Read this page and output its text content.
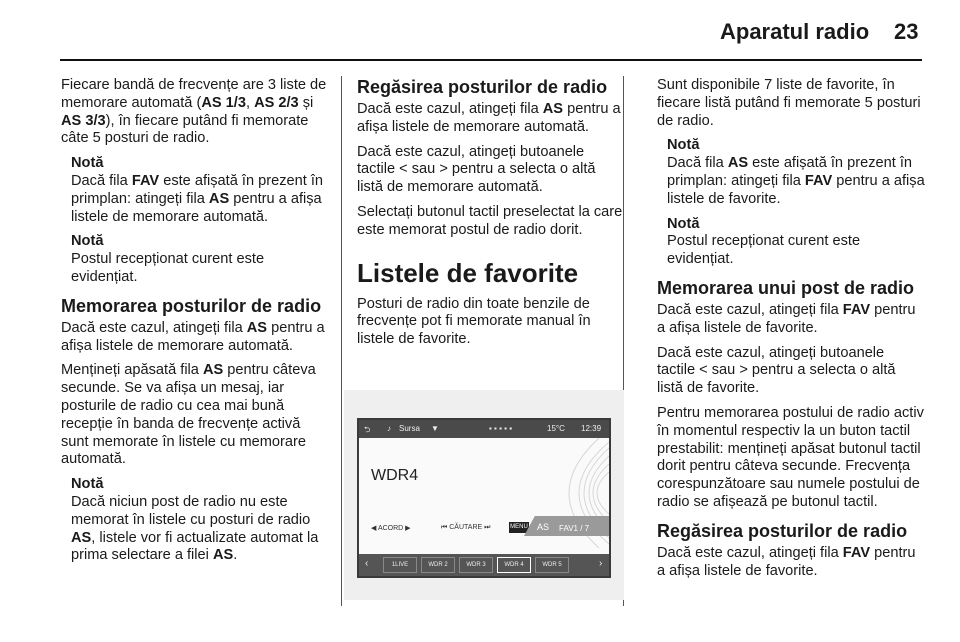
Aparatul radio 23

Fiecare bandă de frecvențe are 3 liste de memorare automată (AS 1/3, AS 2/3 și AS 3/3), în fiecare putând fi memorate câte 5 posturi de radio.

Notă
Dacă fila FAV este afișată în prezent în primplan: atingeți fila AS pentru a afișa listele de memorare automată.
Notă
Postul recepționat curent este evidențiat.
Memorarea posturilor de radio

Dacă este cazul, atingeți fila AS pentru a afișa listele de memorare automată.

Mențineți apăsată fila AS pentru câteva secunde. Se va afișa un mesaj, iar posturile de radio cu cea mai bună recepție în banda de frecvențe activă sunt memorate în listele cu memorare automată.

Notă
Dacă niciun post de radio nu este memorat în listele cu posturi de radio AS, listele vor fi actualizate automat la prima selectare a filei AS.
Regăsirea posturilor de radio

Dacă este cazul, atingeți fila AS pentru a afișa listele de memorare automată.

Dacă este cazul, atingeți butoanele tactile < sau > pentru a selecta o altă listă de memorare automată.

Selectați butonul tactil preselectat la care este memorat postul de radio dorit.

Listele de favorite

Posturi de radio din toate benzile de frecvențe pot fi memorate manual în listele de favorite.

⮌ ♪ Sursa ▼	▪ ▪ ▪ ▪ ▪	15°C 12:39
WDR4
◀ ACORD ▶	⏮ CĂUTARE ⏭	MENU AS FAV1 / 7
‹	1LIVE	WDR 2	WDR 3	WDR 4	WDR 5	›

Sunt disponibile 7 liste de favorite, în fiecare listă putând fi memorate 5 posturi de radio.

Notă
Dacă fila AS este afișată în prezent în primplan: atingeți fila FAV pentru a afișa listele de favorite.
Notă
Postul recepționat curent este evidențiat.
Memorarea unui post de radio

Dacă este cazul, atingeți fila FAV pentru a afișa listele de favorite.

Dacă este cazul, atingeți butoanele tactile < sau > pentru a selecta o altă listă de favorite.

Pentru memorarea postului de radio activ în momentul respectiv la un buton tactil prestabilit: mențineți apăsat butonul tactil dorit pentru câteva secunde. Frecvența corespunzătoare sau numele postului de radio se afișează pe butonul tactil.

Regăsirea posturilor de radio

Dacă este cazul, atingeți fila FAV pentru a afișa listele de favorite.
